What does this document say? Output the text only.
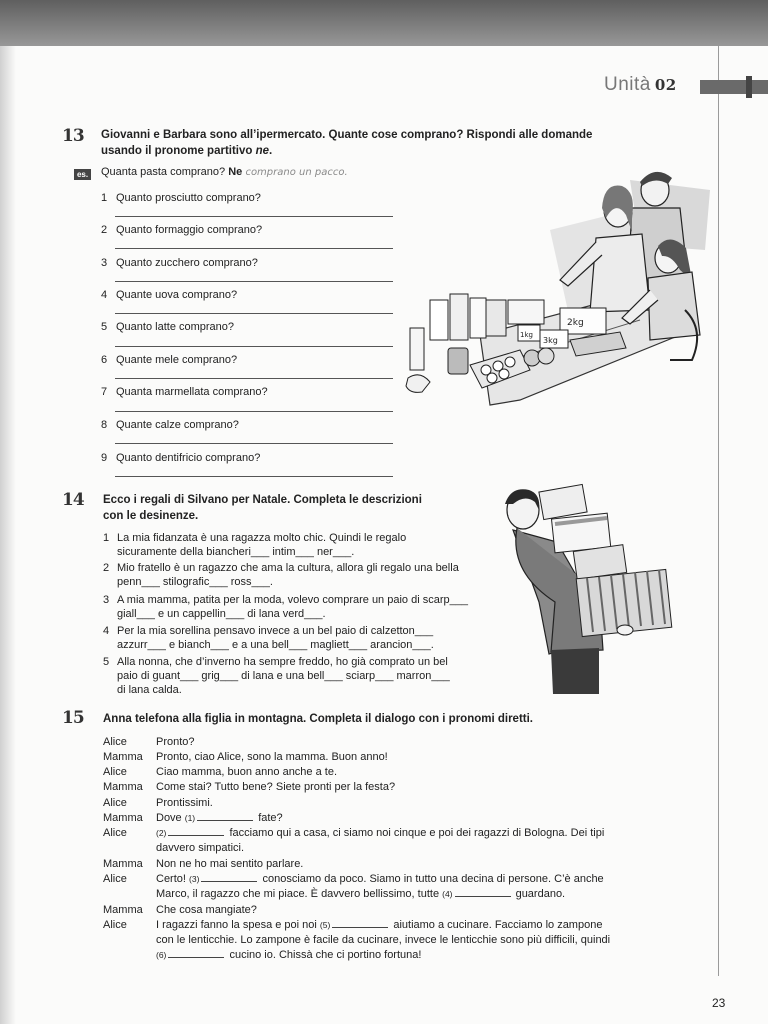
Unità 02
13 Giovanni e Barbara sono all’ipermercato. Quante cose comprano? Rispondi alle domande
usando il pronome partitivo ne.
es. Quanta pasta comprano? Ne comprano un pacco.
1 Quanto prosciutto comprano?
2 Quanto formaggio comprano?
3 Quanto zucchero comprano?
4 Quante uova comprano?
5 Quanto latte comprano?
6 Quante mele comprano?
7 Quanta marmellata comprano?
8 Quante calze comprano?
9 Quanto dentifricio comprano?
2kg
3kg
1kg
14 Ecco i regali di Silvano per Natale. Completa le descrizioni
con le desinenze.
1 La mia fidanzata è una ragazza molto chic. Quindi le regalo
sicuramente della biancheri___ intim___ ner___.
2 Mio fratello è un ragazzo che ama la cultura, allora gli regalo una bella
penn___ stilografic___ ross___.
3 A mia mamma, patita per la moda, volevo comprare un paio di scarp___
giall___ e un cappellin___ di lana verd___.
4 Per la mia sorellina pensavo invece a un bel paio di calzetton___
azzurr___ e bianch___ e a una bell___ magliett___ arancion___.
5 Alla nonna, che d’inverno ha sempre freddo, ho già comprato un bel
paio di guant___ grig___ di lana e una bell___ sciarp___ marron___
di lana calda.
15 Anna telefona alla figlia in montagna. Completa il dialogo con i pronomi diretti.
Alice	Pronto?
Mamma	Pronto, ciao Alice, sono la mamma. Buon anno!
Alice	Ciao mamma, buon anno anche a te.
Mamma	Come stai? Tutto bene? Siete pronti per la festa?
Alice	Prontissimi.
Mamma	Dove (1)	fate?
Alice	(2)	facciamo qui a casa, ci siamo noi cinque e poi dei ragazzi di Bologna. Dei tipi
davvero simpatici.
Mamma	Non ne ho mai sentito parlare.
Alice	Certo! (3)	conosciamo da poco. Siamo in tutto una decina di persone. C’è anche
Marco, il ragazzo che mi piace. È davvero bellissimo, tutte (4)	guardano.
Mamma	Che cosa mangiate?
Alice	I ragazzi fanno la spesa e poi noi (5)	aiutiamo a cucinare. Facciamo lo zampone
con le lenticchie. Lo zampone è facile da cucinare, invece le lenticchie sono più difficili, quindi
(6)	cucino io. Chissà che ci portino fortuna!
23
